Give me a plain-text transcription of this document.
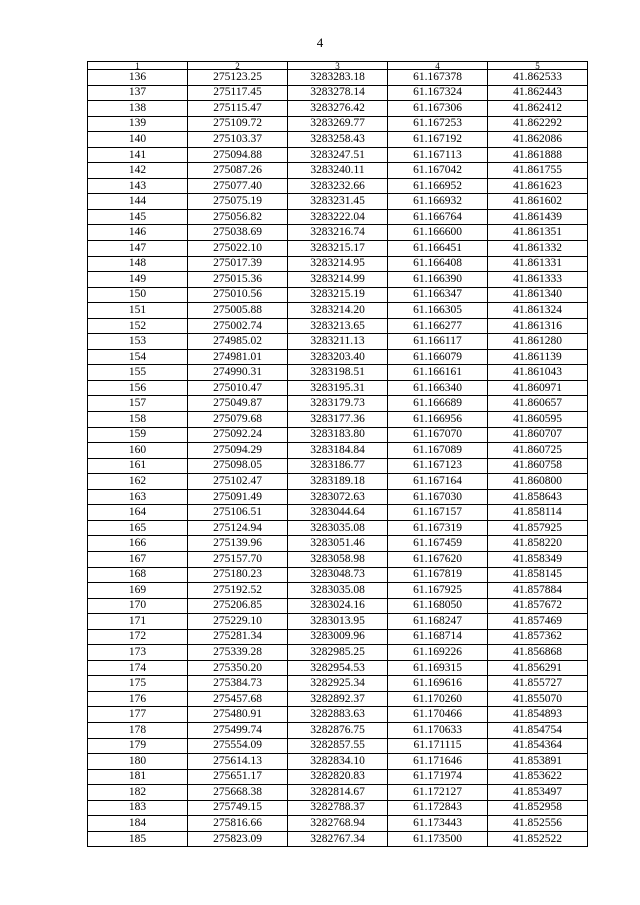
4
1	2	3	4	5
136	275123.25	3283283.18	61.167378	41.862533
137	275117.45	3283278.14	61.167324	41.862443
138	275115.47	3283276.42	61.167306	41.862412
139	275109.72	3283269.77	61.167253	41.862292
140	275103.37	3283258.43	61.167192	41.862086
141	275094.88	3283247.51	61.167113	41.861888
142	275087.26	3283240.11	61.167042	41.861755
143	275077.40	3283232.66	61.166952	41.861623
144	275075.19	3283231.45	61.166932	41.861602
145	275056.82	3283222.04	61.166764	41.861439
146	275038.69	3283216.74	61.166600	41.861351
147	275022.10	3283215.17	61.166451	41.861332
148	275017.39	3283214.95	61.166408	41.861331
149	275015.36	3283214.99	61.166390	41.861333
150	275010.56	3283215.19	61.166347	41.861340
151	275005.88	3283214.20	61.166305	41.861324
152	275002.74	3283213.65	61.166277	41.861316
153	274985.02	3283211.13	61.166117	41.861280
154	274981.01	3283203.40	61.166079	41.861139
155	274990.31	3283198.51	61.166161	41.861043
156	275010.47	3283195.31	61.166340	41.860971
157	275049.87	3283179.73	61.166689	41.860657
158	275079.68	3283177.36	61.166956	41.860595
159	275092.24	3283183.80	61.167070	41.860707
160	275094.29	3283184.84	61.167089	41.860725
161	275098.05	3283186.77	61.167123	41.860758
162	275102.47	3283189.18	61.167164	41.860800
163	275091.49	3283072.63	61.167030	41.858643
164	275106.51	3283044.64	61.167157	41.858114
165	275124.94	3283035.08	61.167319	41.857925
166	275139.96	3283051.46	61.167459	41.858220
167	275157.70	3283058.98	61.167620	41.858349
168	275180.23	3283048.73	61.167819	41.858145
169	275192.52	3283035.08	61.167925	41.857884
170	275206.85	3283024.16	61.168050	41.857672
171	275229.10	3283013.95	61.168247	41.857469
172	275281.34	3283009.96	61.168714	41.857362
173	275339.28	3282985.25	61.169226	41.856868
174	275350.20	3282954.53	61.169315	41.856291
175	275384.73	3282925.34	61.169616	41.855727
176	275457.68	3282892.37	61.170260	41.855070
177	275480.91	3282883.63	61.170466	41.854893
178	275499.74	3282876.75	61.170633	41.854754
179	275554.09	3282857.55	61.171115	41.854364
180	275614.13	3282834.10	61.171646	41.853891
181	275651.17	3282820.83	61.171974	41.853622
182	275668.38	3282814.67	61.172127	41.853497
183	275749.15	3282788.37	61.172843	41.852958
184	275816.66	3282768.94	61.173443	41.852556
185	275823.09	3282767.34	61.173500	41.852522
